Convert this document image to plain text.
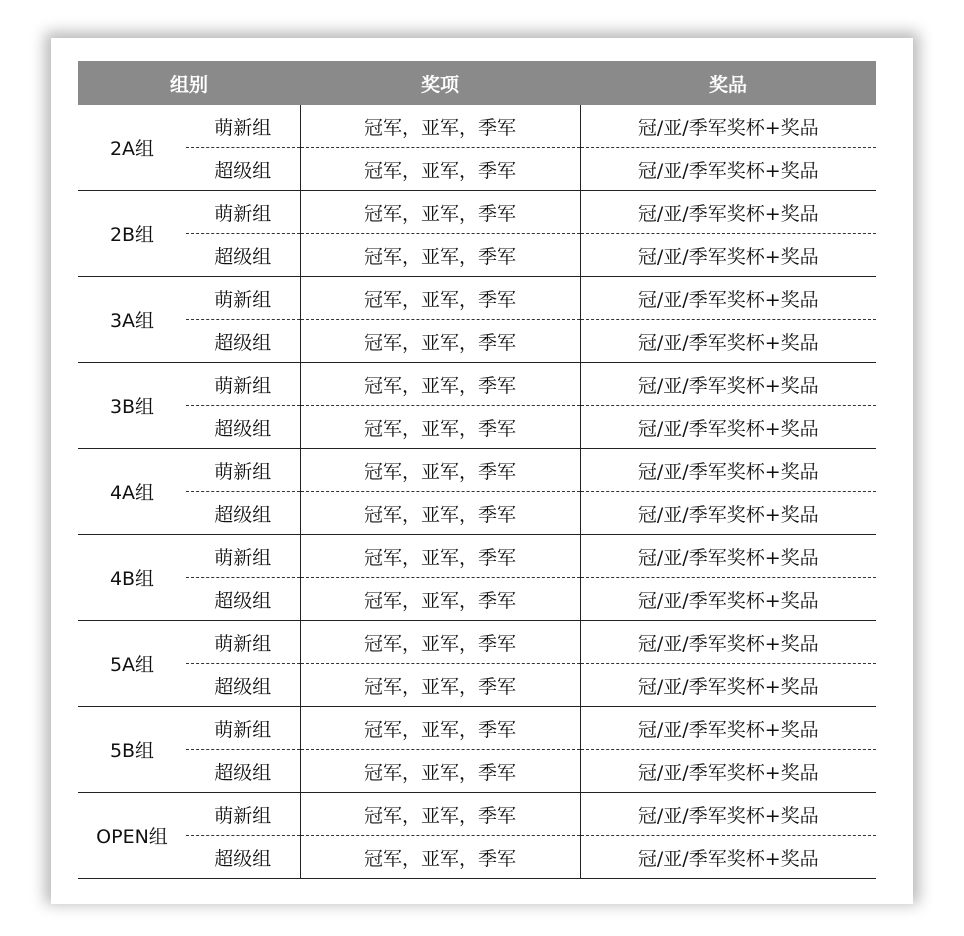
组别		奖项	奖品
2A组	萌新组	冠军，亚军，季军	冠/亚/季军奖杯+奖品
	超级组	冠军，亚军，季军	冠/亚/季军奖杯+奖品
2B组	萌新组	冠军，亚军，季军	冠/亚/季军奖杯+奖品
	超级组	冠军，亚军，季军	冠/亚/季军奖杯+奖品
3A组	萌新组	冠军，亚军，季军	冠/亚/季军奖杯+奖品
	超级组	冠军，亚军，季军	冠/亚/季军奖杯+奖品
3B组	萌新组	冠军，亚军，季军	冠/亚/季军奖杯+奖品
	超级组	冠军，亚军，季军	冠/亚/季军奖杯+奖品
4A组	萌新组	冠军，亚军，季军	冠/亚/季军奖杯+奖品
	超级组	冠军，亚军，季军	冠/亚/季军奖杯+奖品
4B组	萌新组	冠军，亚军，季军	冠/亚/季军奖杯+奖品
	超级组	冠军，亚军，季军	冠/亚/季军奖杯+奖品
5A组	萌新组	冠军，亚军，季军	冠/亚/季军奖杯+奖品
	超级组	冠军，亚军，季军	冠/亚/季军奖杯+奖品
5B组	萌新组	冠军，亚军，季军	冠/亚/季军奖杯+奖品
	超级组	冠军，亚军，季军	冠/亚/季军奖杯+奖品
OPEN组	萌新组	冠军，亚军，季军	冠/亚/季军奖杯+奖品
	超级组	冠军，亚军，季军	冠/亚/季军奖杯+奖品
